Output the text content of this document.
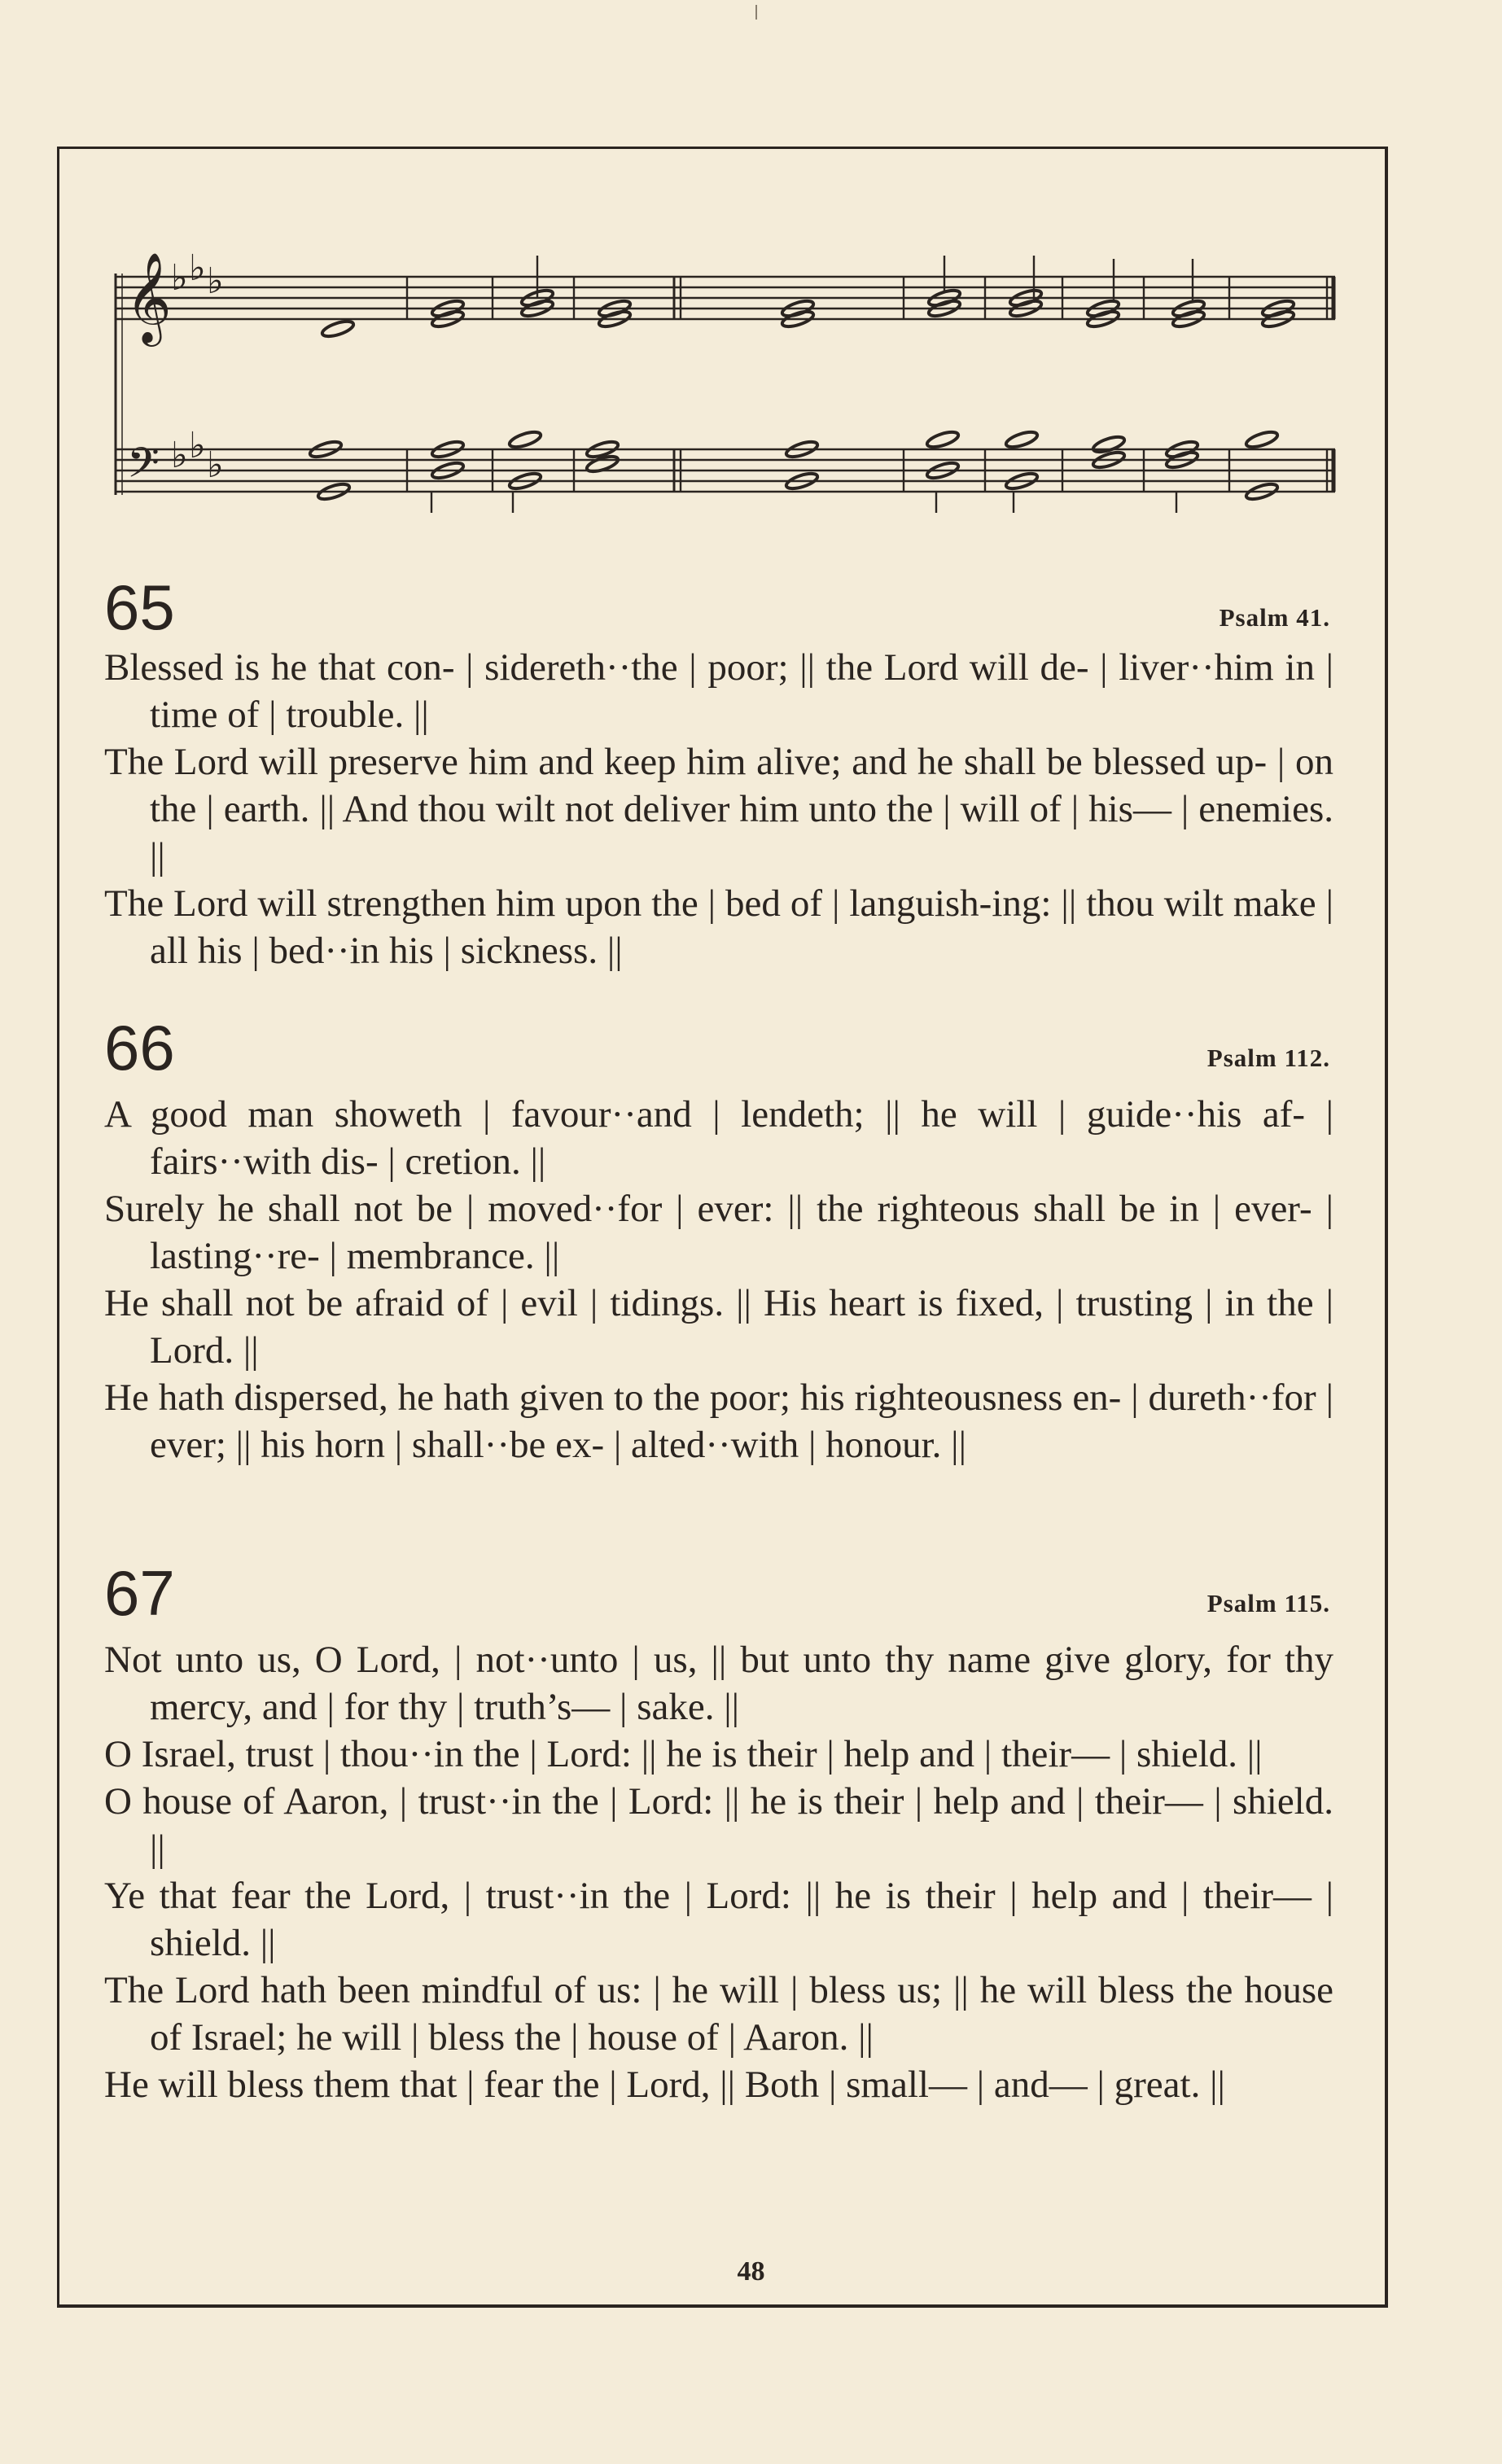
𝄞
𝄢
♭ ♭ ♭
♭ ♭ ♭
65	Psalm 41.

Blessed is he that con- | sidereth··the | poor; || the Lord will de- | liver··him in | time of | trouble. ||

The Lord will preserve him and keep him alive; and he shall be blessed up- | on the | earth. || And thou wilt not deliver him unto the | will of | his— | enemies. ||

The Lord will strengthen him upon the | bed of | languish-ing: || thou wilt make | all his | bed··in his | sickness. ||

66	Psalm 112.

A good man showeth | favour··and | lendeth; || he will | guide··his af- | fairs··with dis- | cretion. ||

Surely he shall not be | moved··for | ever: || the righteous shall be in | ever- | lasting··re- | membrance. ||

He shall not be afraid of | evil | tidings. || His heart is fixed, | trusting | in the | Lord. ||

He hath dispersed, he hath given to the poor; his righteousness en- | dureth··for | ever; || his horn | shall··be ex- | alted··with | honour. ||

67	Psalm 115.

Not unto us, O Lord, | not··unto | us, || but unto thy name give glory, for thy mercy, and | for thy | truth’s— | sake. ||

O Israel, trust | thou··in the | Lord: || he is their | help and | their— | shield. ||

O house of Aaron, | trust··in the | Lord: || he is their | help and | their— | shield. ||

Ye that fear the Lord, | trust··in the | Lord: || he is their | help and | their— | shield. ||

The Lord hath been mindful of us: | he will | bless us; || he will bless the house of Israel; he will | bless the | house of | Aaron. ||

He will bless them that | fear the | Lord, || Both | small— | and— | great. ||

48
